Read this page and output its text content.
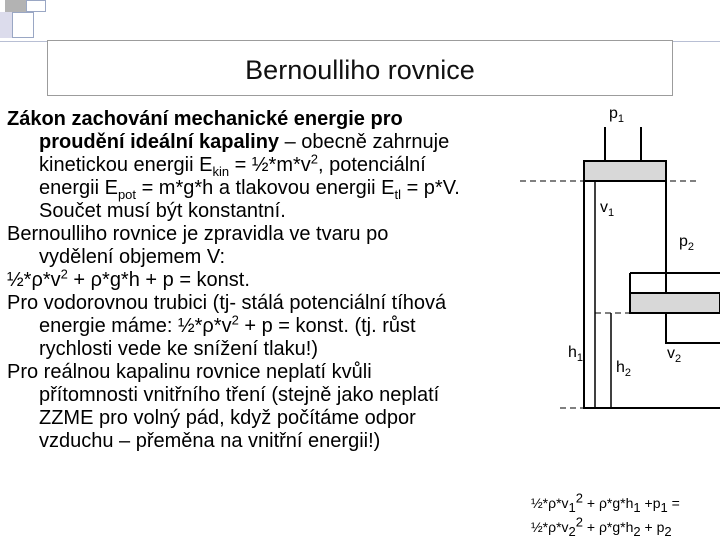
Bernoulliho rovnice

Zákon zachování mechanické energie pro
proudění ideální kapaliny – obecně zahrnuje
kinetickou energii $E_{kin}$ = $\frac{1}{2}*m*v^2$, potenciální
energii $E_{pot} = m*g*h$ a tlakovou energii $E_{tl} = p*V$.
Součet musí být konstantní.

Bernoulliho rovnice je zpravidla ve tvaru po
vydělení objemem V:
$\frac{1}{2}*\rho*v^2 + \rho*g*h + p$ = konst.

Pro vodorovnou trubici (tj- stálá potenciální tíhová
energie máme: $\frac{1}{2}*\rho*v^2 + p$ = konst. (tj. růst
rychlosti vede ke snížení tlaku!)

Pro reálnou kapalinu rovnice neplatí kvůli
přítomnosti vnitřního tření (stejně jako neplatí
ZZME pro volný pád, když počítáme odpor
vzduchu – přeměna na vnitřní energii!)

$p_1$
$v_1$
$p_2$
$v_2$
$h_1$
$h_2$
$\frac{1}{2}*\rho*v_1^2 + \rho*g*h_1 +p_1$ =
$\frac{1}{2}*\rho*v_2^2 + \rho*g*h_2 + p_2$
